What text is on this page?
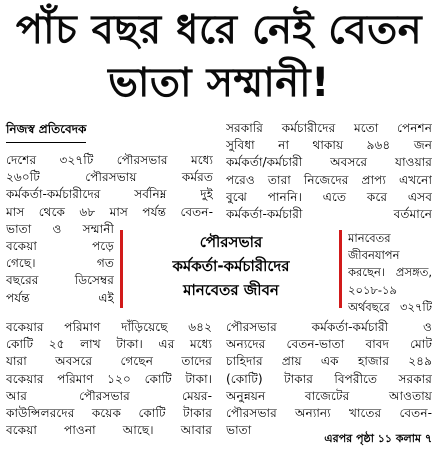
পাঁচ বছর ধরে নেই বেতন
ভাতা সম্মানী!
নিজস্ব প্রতিবেদক
দেশের ৩২৭টি পৌরসভার মধ্যে
২৬০টি পৌরসভায় কর্মরত
কর্মকর্তা-কর্মচারীদের সর্বনিম্ন দুই
মাস থেকে ৬৮ মাস পর্যন্ত বেতন-
ভাতা ও সম্মানী
বকেয়া পড়ে
গেছে। গত
বছরের ডিসেম্বর
পর্যন্ত এই
সরকারি কর্মচারীদের মতো পেনশন
সুবিধা না থাকায় ৯৬৪ জন
কর্মকর্তা/কর্মচারী অবসরে যাওয়ার
পরেও তারা নিজেদের প্রাপ্য এখনো
বুঝে পাননি। এতে করে এসব
কর্মকর্তা-কর্মচারী বর্তমানে
পৌরসভার
কর্মকর্তা-কর্মচারীদের
মানবেতর জীবন
মানবেতর
জীবনযাপন
করছেন। প্রসঙ্গত,
২০১৮-১৯
অর্থবছরে ৩২৭টি
বকেয়ার পরিমাণ দাঁড়িয়েছে ৬৪২
কোটি ২৫ লাখ টাকা। এর মধ্যে
যারা অবসরে গেছেন তাদের
বকেয়ার পরিমাণ ১২০ কোটি টাকা।
আর পৌরসভার মেয়র-
কাউন্সিলরদের কয়েক কোটি টাকার
বকেয়া পাওনা আছে। আবার
পৌরসভার কর্মকর্তা-কর্মচারী ও
অন্যদের বেতন-ভাতা বাবদ মোট
চাহিদার প্রায় এক হাজার ২৪৯
(কোটি) টাকার বিপরীতে সরকার
অনুন্নয়ন বাজেটের আওতায়
পৌরসভার অন্যান্য খাতের বেতন-
ভাতা
এরপর পৃষ্ঠা ১১ কলাম ৭
